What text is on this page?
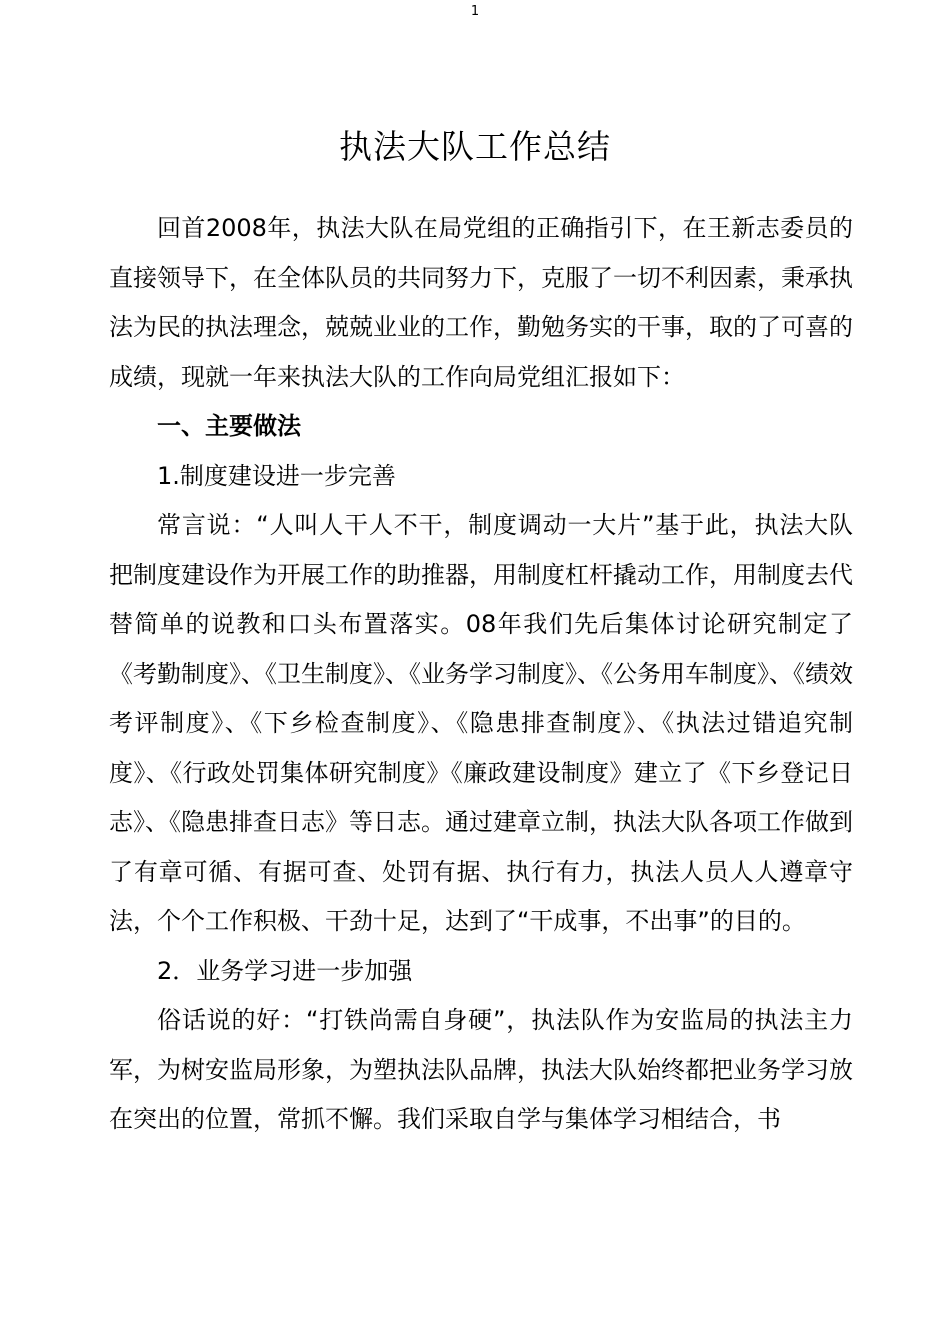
1
执法大队工作总结

回首2008年，执法大队在局党组的正确指引下，在王新志委员的直接领导下，在全体队员的共同努力下，克服了一切不利因素，秉承执法为民的执法理念，兢兢业业的工作，勤勉务实的干事，取的了可喜的成绩，现就一年来执法大队的工作向局党组汇报如下：

一、主要做法

1.制度建设进一步完善

常言说：“人叫人干人不干，制度调动一大片”基于此，执法大队把制度建设作为开展工作的助推器，用制度杠杆撬动工作，用制度去代替简单的说教和口头布置落实。08年我们先后集体讨论研究制定了《考勤制度》、《卫生制度》、《业务学习制度》、《公务用车制度》、《绩效考评制度》、《下乡检查制度》、《隐患排查制度》、《执法过错追究制度》、《行政处罚集体研究制度》《廉政建设制度》建立了《下乡登记日志》、《隐患排查日志》等日志。通过建章立制，执法大队各项工作做到了有章可循、有据可查、处罚有据、执行有力，执法人员人人遵章守法，个个工作积极、干劲十足，达到了“干成事，不出事”的目的。

2．业务学习进一步加强

俗话说的好：“打铁尚需自身硬”，执法队作为安监局的执法主力军，为树安监局形象，为塑执法队品牌，执法大队始终都把业务学习放在突出的位置，常抓不懈。我们采取自学与集体学习相结合，书
